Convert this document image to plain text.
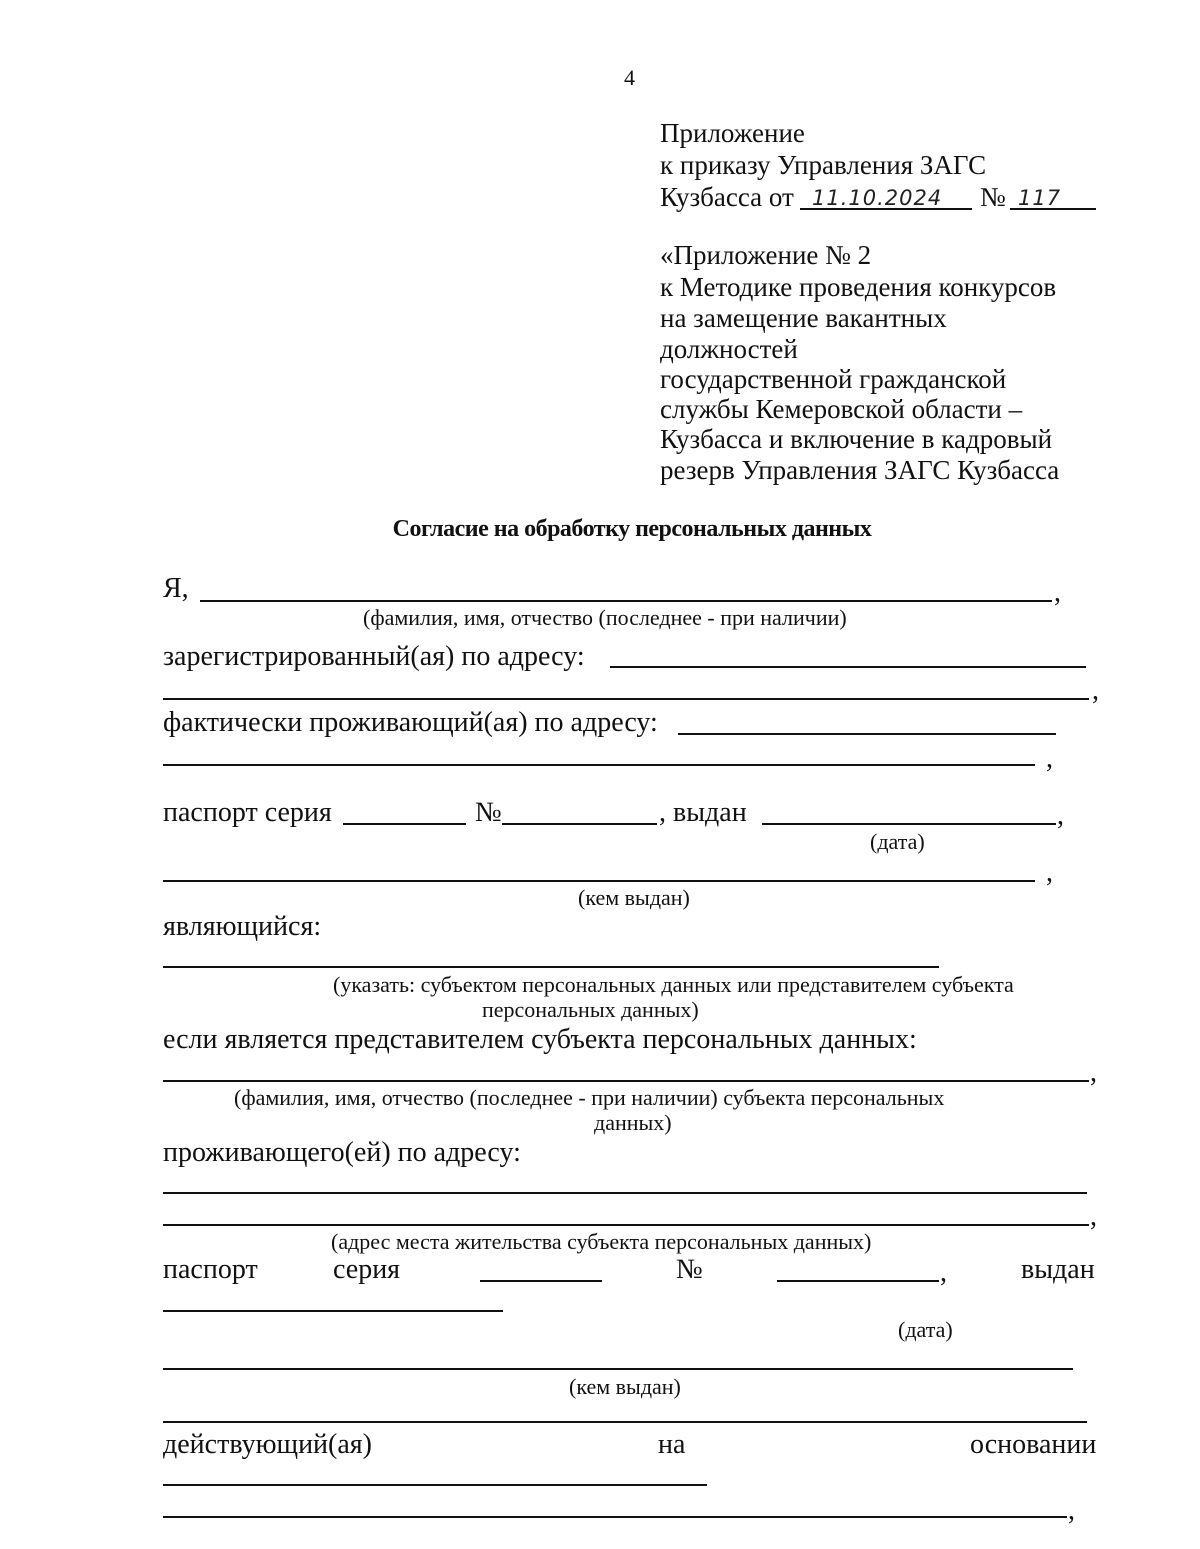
4
Приложение
к приказу Управления ЗАГС
Кузбасса от 11.10.2024 № 117
«Приложение № 2
к Методике проведения конкурсов
на замещение вакантных
должностей
государственной гражданской
службы Кемеровской области –
Кузбасса и включение в кадровый
резерв Управления ЗАГС Кузбасса
Согласие на обработку персональных данных
Я,	,
(фамилия, имя, отчество (последнее - при наличии)
зарегистрированный(ая) по адресу:
,
фактически проживающий(ая) по адресу:
,
паспорт серия	№	, выдан	,
(дата)
,
(кем выдан)
являющийся:
(указать: субъектом персональных данных или представителем субъекта
персональных данных)
если является представителем субъекта персональных данных:
,
(фамилия, имя, отчество (последнее - при наличии) субъекта персональных
данных)
проживающего(ей) по адресу:
,
(адрес места жительства субъекта персональных данных)
паспорт	серия	№	,	выдан
(дата)
(кем выдан)
действующий(ая)	на	основании
,
